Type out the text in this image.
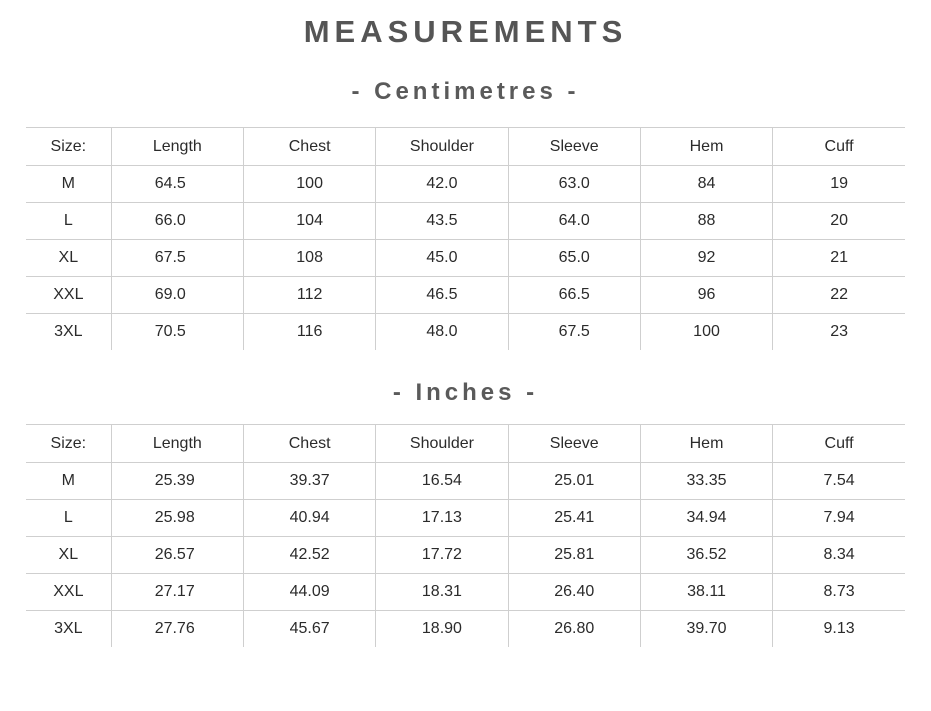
MEASUREMENTS
- Centimetres -
Size:	Length	Chest	Shoulder	Sleeve	Hem	Cuff
M	64.5	100	42.0	63.0	84	19
L	66.0	104	43.5	64.0	88	20
XL	67.5	108	45.0	65.0	92	21
XXL	69.0	112	46.5	66.5	96	22
3XL	70.5	116	48.0	67.5	100	23
- Inches -
Size:	Length	Chest	Shoulder	Sleeve	Hem	Cuff
M	25.39	39.37	16.54	25.01	33.35	7.54
L	25.98	40.94	17.13	25.41	34.94	7.94
XL	26.57	42.52	17.72	25.81	36.52	8.34
XXL	27.17	44.09	18.31	26.40	38.11	8.73
3XL	27.76	45.67	18.90	26.80	39.70	9.13
